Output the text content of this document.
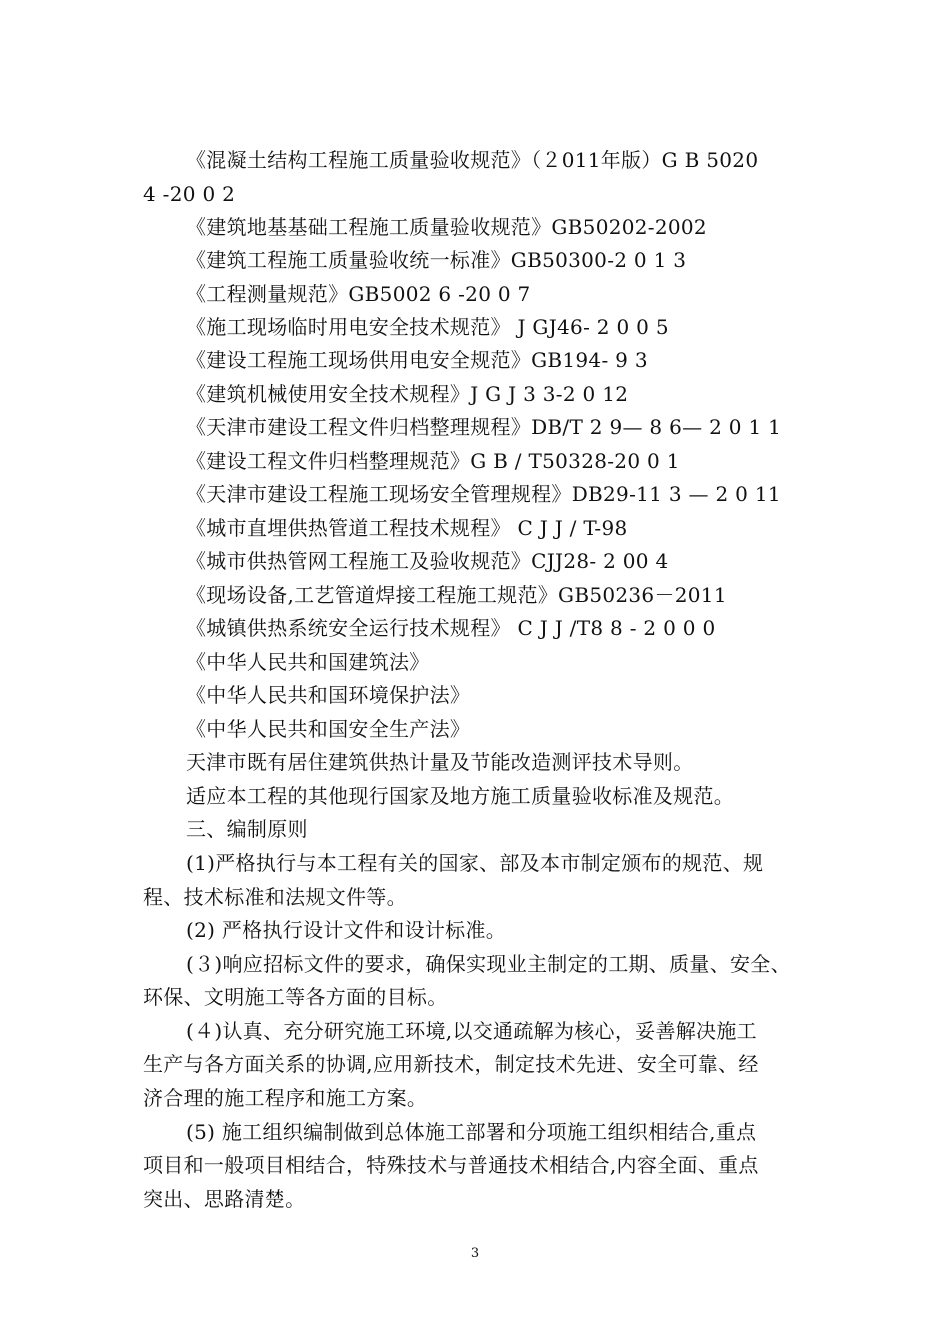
《混凝土结构工程施工质量验收规范》（２011年版）G B 5020
4 -20 0 2
《建筑地基基础工程施工质量验收规范》GB50202-2002
《建筑工程施工质量验收统一标准》GB50300-2 0 1 3
《工程测量规范》GB5002 6 -20 0 7
《施工现场临时用电安全技术规范》 J GJ46- 2 0 0 5
《建设工程施工现场供用电安全规范》GB194- 9 3
《建筑机械使用安全技术规程》J G J 3 3-2 0 12
《天津市建设工程文件归档整理规程》DB/T 2 9— 8 6— 2 0 1 1
《建设工程文件归档整理规范》G B / T50328-20 0 1
《天津市建设工程施工现场安全管理规程》DB29-11 3 — 2 0 11
《城市直埋供热管道工程技术规程》 C J J / T-98
《城市供热管网工程施工及验收规范》CJJ28- 2 00 4
《现场设备,工艺管道焊接工程施工规范》GB50236－2011
《城镇供热系统安全运行技术规程》 C J J /T8 8 - 2 0 0 0
《中华人民共和国建筑法》
《中华人民共和国环境保护法》
《中华人民共和国安全生产法》
天津市既有居住建筑供热计量及节能改造测评技术导则。
适应本工程的其他现行国家及地方施工质量验收标准及规范。
三、编制原则
(1)严格执行与本工程有关的国家、部及本市制定颁布的规范、规
程、技术标准和法规文件等。
(2) 严格执行设计文件和设计标准。
(３)响应招标文件的要求，确保实现业主制定的工期、质量、安全、
环保、文明施工等各方面的目标。
(４)认真、充分研究施工环境,以交通疏解为核心，妥善解决施工
生产与各方面关系的协调,应用新技术，制定技术先进、安全可靠、经
济合理的施工程序和施工方案。
(5) 施工组织编制做到总体施工部署和分项施工组织相结合,重点
项目和一般项目相结合，特殊技术与普通技术相结合,内容全面、重点
突出、思路清楚。
3
